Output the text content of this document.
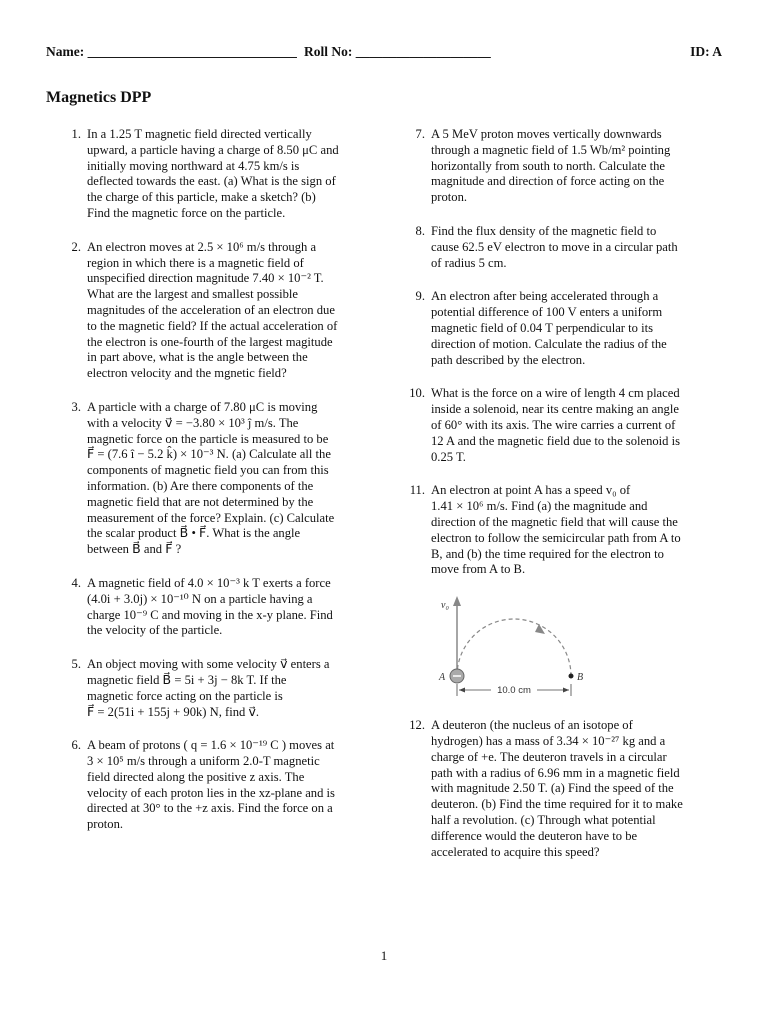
Name: _______________________________ Roll No: ____________________	ID: A
Magnetics DPP
1. In a 1.25 T magnetic field directed vertically
upward, a particle having a charge of 8.50 μC and
initially moving northward at 4.75 km/s is
deflected towards the east. (a) What is the sign of
the charge of this particle, make a sketch? (b)
Find the magnetic force on the particle.
2. An electron moves at 2.5 × 10⁶ m/s through a
region in which there is a magnetic field of
unspecified direction magnitude 7.40 × 10⁻² T.
What are the largest and smallest possible
magnitudes of the acceleration of an electron due
to the magnetic field? If the actual acceleration of
the electron is one-fourth of the largest magitude
in part above, what is the angle between the
electron velocity and the mgnetic field?
3. A particle with a charge of 7.80 μC is moving
with a velocity v⃗ = −3.80 × 10³ ĵ m/s. The
magnetic force on the particle is measured to be
F⃗ = (7.6 î − 5.2 k̂) × 10⁻³ N. (a) Calculate all the
components of magnetic field you can from this
information. (b) Are there components of the
magnetic field that are not determined by the
measurement of the force? Explain. (c) Calculate
the scalar product B⃗ • F⃗. What is the angle
between B⃗ and F⃗ ?
4. A magnetic field of 4.0 × 10⁻³ k T exerts a force
(4.0i + 3.0j) × 10⁻¹⁰ N on a particle having a
charge 10⁻⁹ C and moving in the x-y plane. Find
the velocity of the particle.
5. An object moving with some velocity v⃗ enters a
magnetic field B⃗ = 5i + 3j − 8k T. If the
magnetic force acting on the particle is
F⃗ = 2(51i + 155j + 90k) N, find v⃗.
6. A beam of protons ( q = 1.6 × 10⁻¹⁹ C ) moves at
3 × 10⁵ m/s through a uniform 2.0-T magnetic
field directed along the positive z axis. The
velocity of each proton lies in the xz-plane and is
directed at 30° to the +z axis. Find the force on a
proton.
7. A 5 MeV proton moves vertically downwards
through a magnetic field of 1.5 Wb/m² pointing
horizontally from south to north. Calculate the
magnitude and direction of force acting on the
proton.
8. Find the flux density of the magnetic field to
cause 62.5 eV electron to move in a circular path
of radius 5 cm.
9. An electron after being accelerated through a
potential difference of 100 V enters a uniform
magnetic field of 0.04 T perpendicular to its
direction of motion. Calculate the radius of the
path described by the electron.
10. What is the force on a wire of length 4 cm placed
inside a solenoid, near its centre making an angle
of 60° with its axis. The wire carries a current of
12 A and the magnetic field due to the solenoid is
0.25 T.
11. An electron at point A has a speed v₀ of
1.41 × 10⁶ m/s. Find (a) the magnitude and
direction of the magnetic field that will cause the
electron to follow the semicircular path from A to
B, and (b) the time required for the electron to
move from A to B.
v₀
A	B
10.0 cm
12. A deuteron (the nucleus of an isotope of
hydrogen) has a mass of 3.34 × 10⁻²⁷ kg and a
charge of +e. The deuteron travels in a circular
path with a radius of 6.96 mm in a magnetic field
with magnitude 2.50 T. (a) Find the speed of the
deuteron. (b) Find the time required for it to make
half a revolution. (c) Through what potential
difference would the deuteron have to be
accelerated to acquire this speed?
1
